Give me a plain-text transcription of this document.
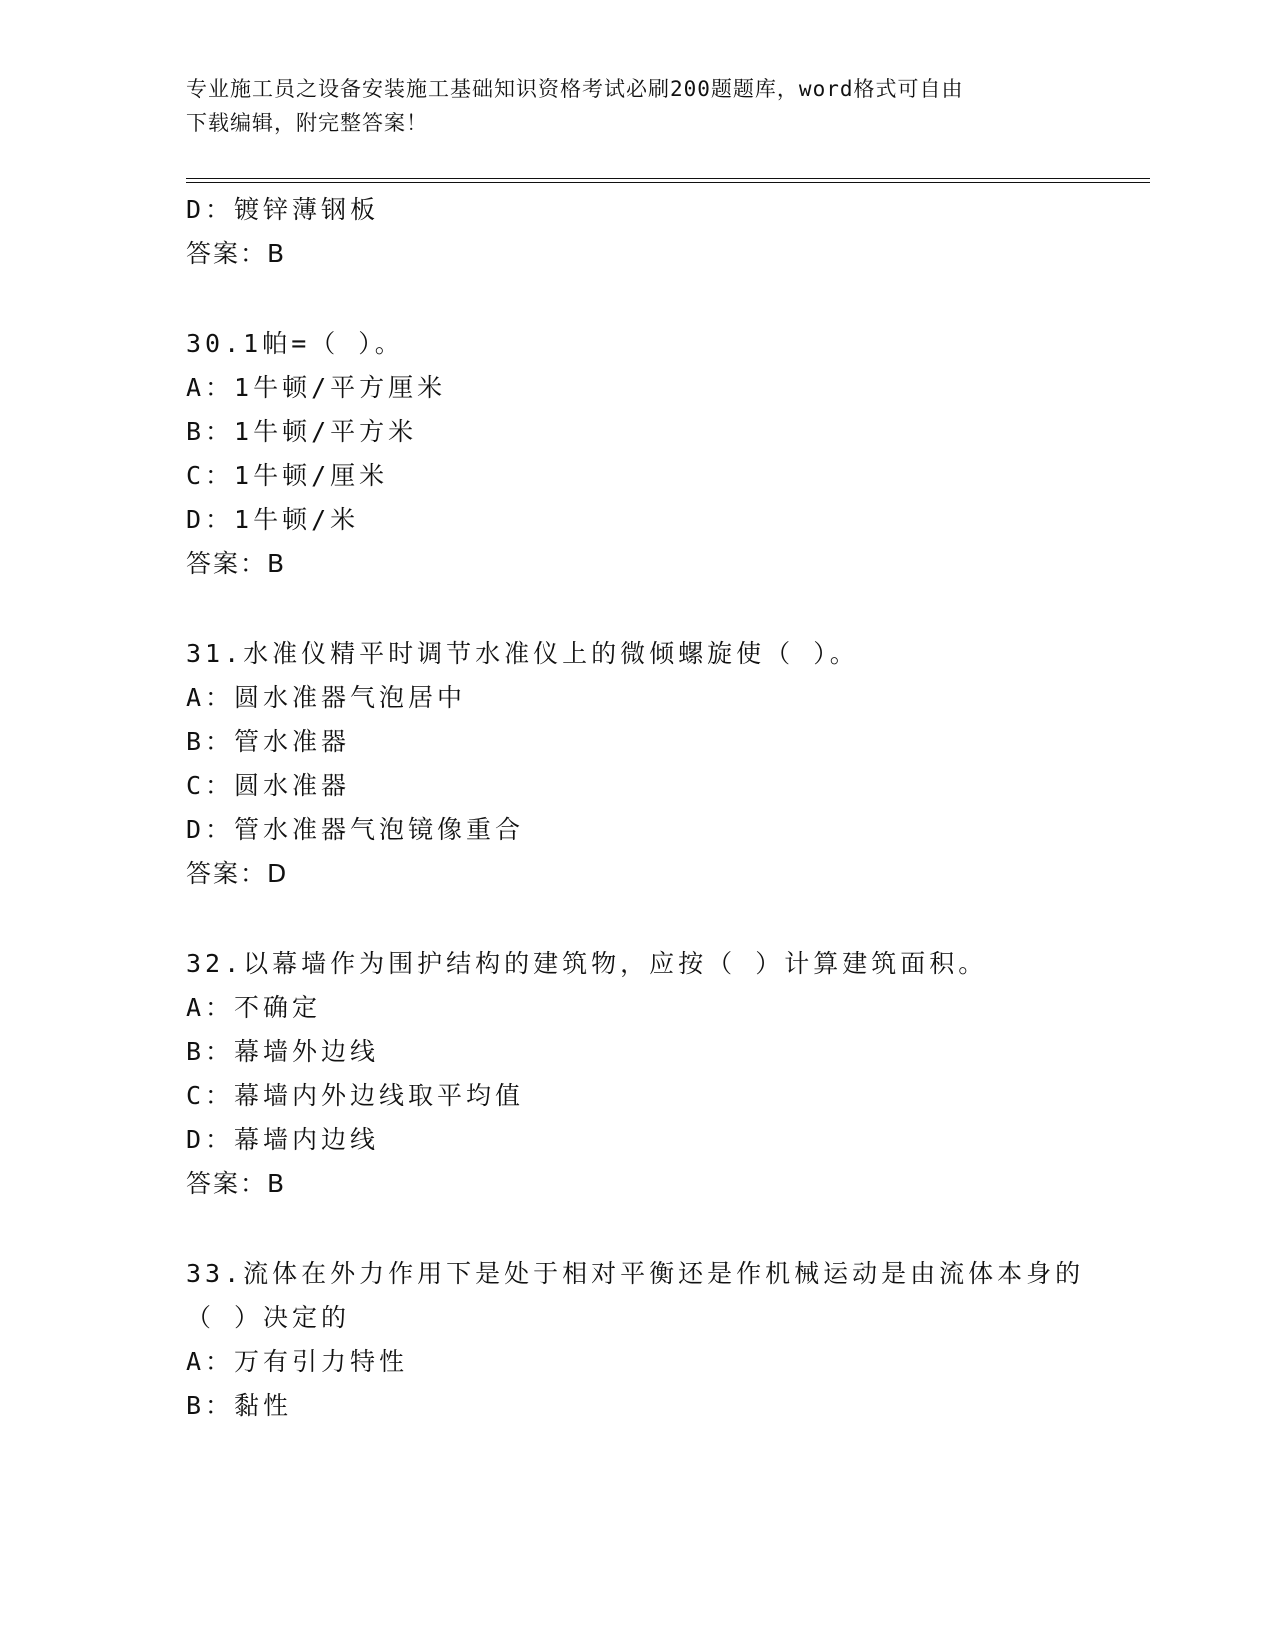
专业施工员之设备安装施工基础知识资格考试必刷200题题库，word格式可自由
下载编辑，附完整答案！
D：镀锌薄钢板
答案：B
30.1帕=（ ）。
A：1牛顿/平方厘米
B：1牛顿/平方米
C：1牛顿/厘米
D：1牛顿/米
答案：B
31.水准仪精平时调节水准仪上的微倾螺旋使（ ）。
A：圆水准器气泡居中
B：管水准器
C：圆水准器
D：管水准器气泡镜像重合
答案：D
32.以幕墙作为围护结构的建筑物，应按（ ）计算建筑面积。
A：不确定
B：幕墙外边线
C：幕墙内外边线取平均值
D：幕墙内边线
答案：B
33.流体在外力作用下是处于相对平衡还是作机械运动是由流体本身的
（ ）决定的
A：万有引力特性
B：黏性
